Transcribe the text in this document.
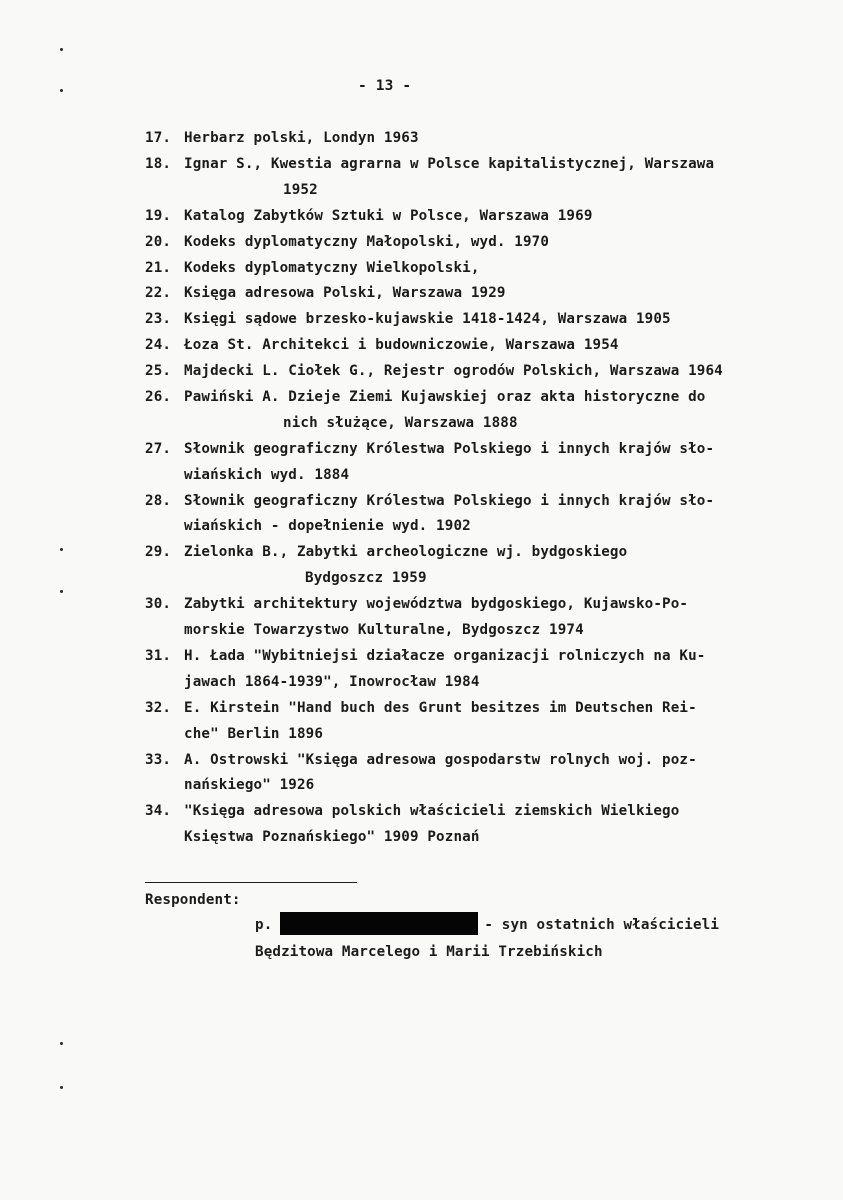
- 13 -
17. Herbarz polski, Londyn 1963
18. Ignar S., Kwestia agrarna w Polsce kapitalistycznej, Warszawa
1952
19. Katalog Zabytków Sztuki w Polsce, Warszawa 1969
20. Kodeks dyplomatyczny Małopolski, wyd. 1970
21. Kodeks dyplomatyczny Wielkopolski,
22. Księga adresowa Polski, Warszawa 1929
23. Księgi sądowe brzesko-kujawskie 1418-1424, Warszawa 1905
24. Łoza St. Architekci i budowniczowie, Warszawa 1954
25. Majdecki L. Ciołek G., Rejestr ogrodów Polskich, Warszawa 1964
26. Pawiński A. Dzieje Ziemi Kujawskiej oraz akta historyczne do
nich służące, Warszawa 1888
27. Słownik geograficzny Królestwa Polskiego i innych krajów sło-
wiańskich wyd. 1884
28. Słownik geograficzny Królestwa Polskiego i innych krajów sło-
wiańskich - dopełnienie wyd. 1902
29. Zielonka B., Zabytki archeologiczne wj. bydgoskiego
Bydgoszcz 1959
30. Zabytki architektury województwa bydgoskiego, Kujawsko-Po-
morskie Towarzystwo Kulturalne, Bydgoszcz 1974
31. H. Łada "Wybitniejsi działacze organizacji rolniczych na Ku-
jawach 1864-1939", Inowrocław 1984
32. E. Kirstein "Hand buch des Grunt besitzes im Deutschen Rei-
che" Berlin 1896
33. A. Ostrowski "Księga adresowa gospodarstw rolnych woj. poz-
nańskiego" 1926
34. "Księga adresowa polskich właścicieli ziemskich Wielkiego
Księstwa Poznańskiego" 1909 Poznań
Respondent:
p.	- syn ostatnich właścicieli
Będzitowa Marcelego i Marii Trzebińskich
